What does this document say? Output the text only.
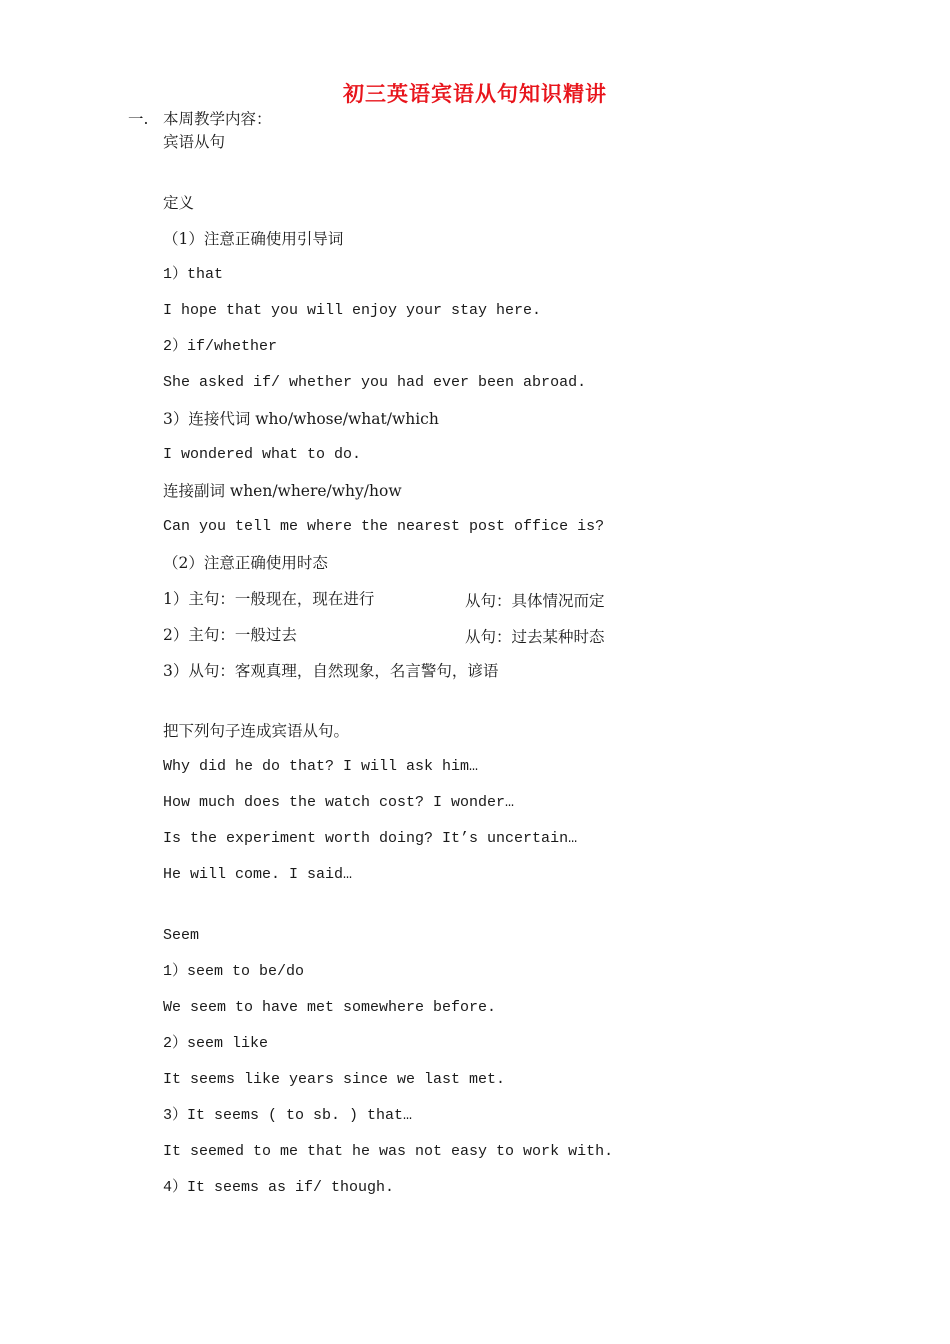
初三英语宾语从句知识精讲
一. 本周教学内容：
宾语从句
定义
（1）注意正确使用引导词
1）that
I hope that you will enjoy your stay here.
2）if/whether
She asked if/ whether you had ever been abroad.
3）连接代词 who/whose/what/which
I wondered what to do.
连接副词 when/where/why/how
Can you tell me where the nearest post office is?
（2）注意正确使用时态
1）主句：一般现在，现在进行	从句：具体情况而定
2）主句：一般过去	从句：过去某种时态
3）从句：客观真理，自然现象，名言警句，谚语
把下列句子连成宾语从句。
Why did he do that? I will ask him…
How much does the watch cost? I wonder…
Is the experiment worth doing? It’s uncertain…
He will come. I said…
Seem
1）seem to be/do
We seem to have met somewhere before.
2）seem like
It seems like years since we last met.
3）It seems ( to sb. ) that…
It seemed to me that he was not easy to work with.
4）It seems as if/ though.
